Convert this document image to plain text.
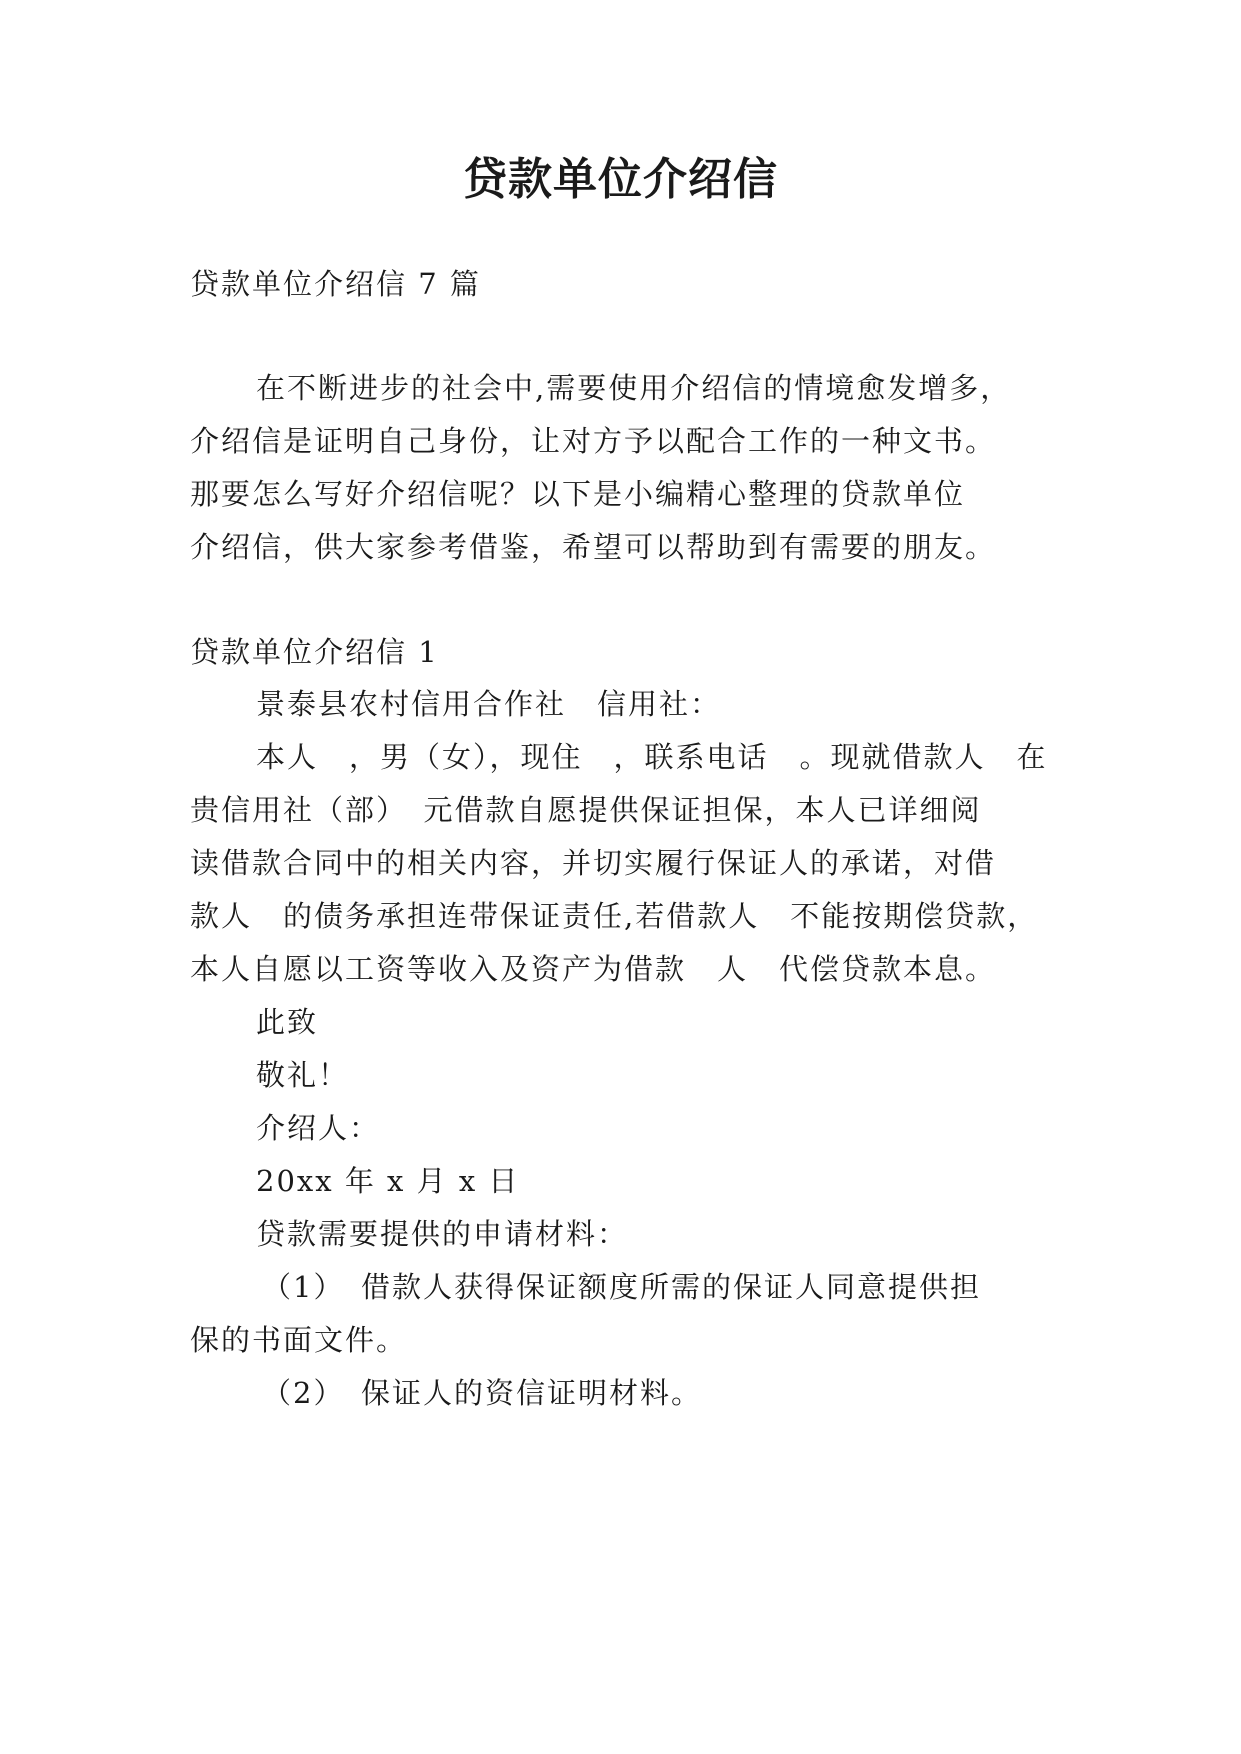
贷款单位介绍信
贷款单位介绍信 7 篇
在不断进步的社会中,需要使用介绍信的情境愈发增多，
介绍信是证明自己身份，让对方予以配合工作的一种文书。
那要怎么写好介绍信呢？以下是小编精心整理的贷款单位
介绍信，供大家参考借鉴，希望可以帮助到有需要的朋友。
贷款单位介绍信 1
景泰县农村信用合作社　信用社：
本人　，男（女），现住　，联系电话　。现就借款人　在
贵信用社（部）　元借款自愿提供保证担保，本人已详细阅
读借款合同中的相关内容，并切实履行保证人的承诺，对借
款人　的债务承担连带保证责任,若借款人　不能按期偿贷款，
本人自愿以工资等收入及资产为借款　人　代偿贷款本息。
此致
敬礼！
介绍人：
20xx 年 x 月 x 日
贷款需要提供的申请材料：
（1）　借款人获得保证额度所需的保证人同意提供担
保的书面文件。
（2）　保证人的资信证明材料。
